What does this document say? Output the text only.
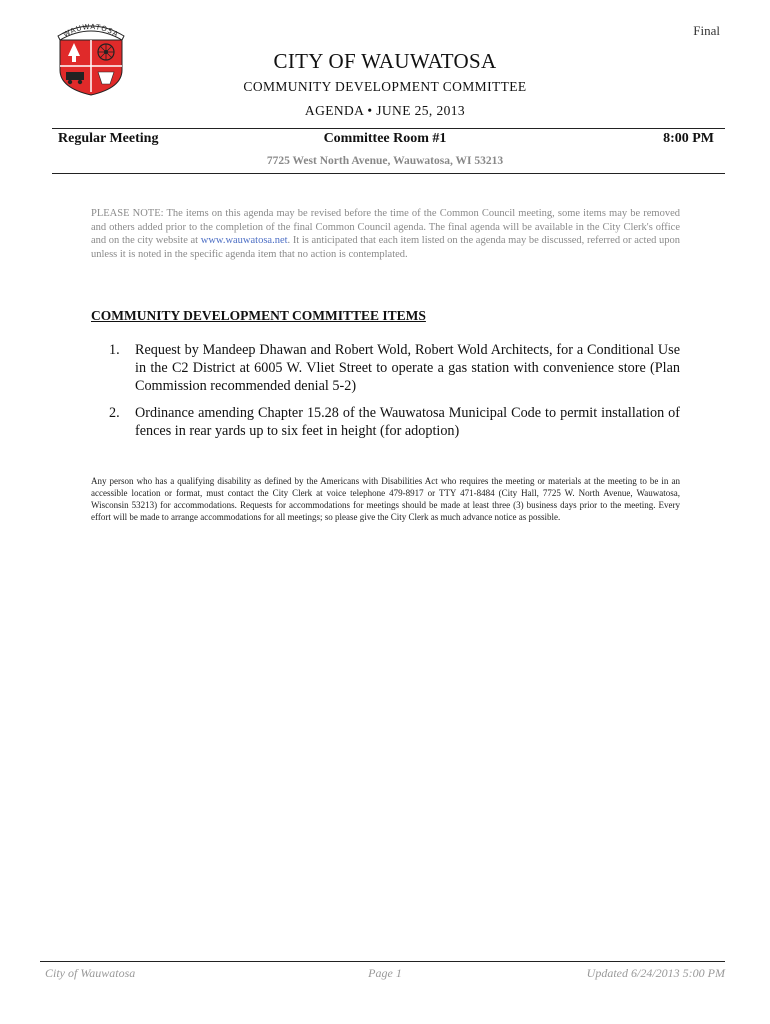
Final
WAUWATOSA
CITY OF WAUWATOSA
COMMUNITY DEVELOPMENT COMMITTEE
AGENDA • JUNE 25, 2013
Regular Meeting	Committee Room #1	8:00 PM
7725 West North Avenue, Wauwatosa, WI 53213
PLEASE NOTE: The items on this agenda may be revised before the time of the Common Council meeting, some items may be removed and others added prior to the completion of the final Common Council agenda. The final agenda will be available in the City Clerk's office and on the city website at www.wauwatosa.net. It is anticipated that each item listed on the agenda may be discussed, referred or acted upon unless it is noted in the specific agenda item that no action is contemplated.
COMMUNITY DEVELOPMENT COMMITTEE ITEMS
1.	Request by Mandeep Dhawan and Robert Wold, Robert Wold Architects, for a Conditional Use in the C2 District at 6005 W. Vliet Street to operate a gas station with convenience store (Plan Commission recommended denial 5-2)
2.	Ordinance amending Chapter 15.28 of the Wauwatosa Municipal Code to permit installation of fences in rear yards up to six feet in height (for adoption)
Any person who has a qualifying disability as defined by the Americans with Disabilities Act who requires the meeting or materials at the meeting to be in an accessible location or format, must contact the City Clerk at voice telephone 479-8917 or TTY 471-8484 (City Hall, 7725 W. North Avenue, Wauwatosa, Wisconsin 53213) for accommodations. Requests for accommodations for meetings should be made at least three (3) business days prior to the meeting. Every effort will be made to arrange accommodations for all meetings; so please give the City Clerk as much advance notice as possible.
City of Wauwatosa	Page 1	Updated 6/24/2013 5:00 PM
